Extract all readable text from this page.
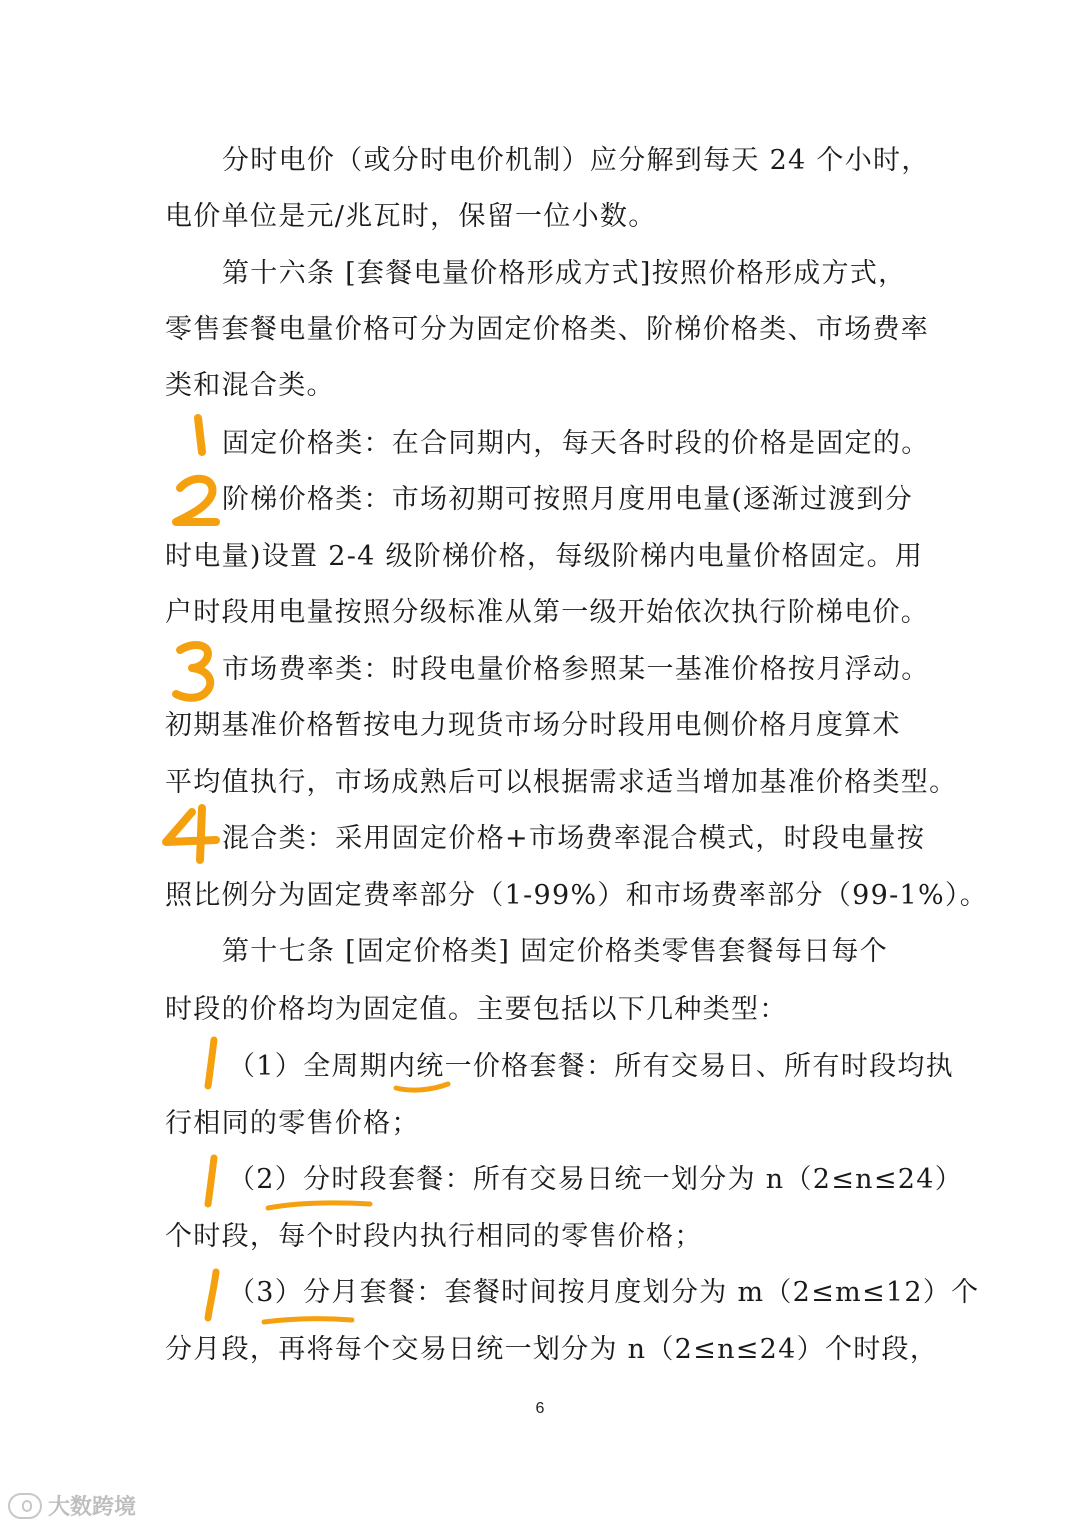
分时电价（或分时电价机制）应分解到每天 24 个小时，
电价单位是元/兆瓦时，保留一位小数。
第十六条 [套餐电量价格形成方式]按照价格形成方式，
零售套餐电量价格可分为固定价格类、阶梯价格类、市场费率
类和混合类。
固定价格类：在合同期内，每天各时段的价格是固定的。
阶梯价格类：市场初期可按照月度用电量(逐渐过渡到分
时电量)设置 2-4 级阶梯价格，每级阶梯内电量价格固定。用
户时段用电量按照分级标准从第一级开始依次执行阶梯电价。
市场费率类：时段电量价格参照某一基准价格按月浮动。
初期基准价格暂按电力现货市场分时段用电侧价格月度算术
平均值执行，市场成熟后可以根据需求适当增加基准价格类型。
混合类：采用固定价格+市场费率混合模式，时段电量按
照比例分为固定费率部分（1-99%）和市场费率部分（99-1%）。
第十七条 [固定价格类] 固定价格类零售套餐每日每个
时段的价格均为固定值。主要包括以下几种类型：
（1）全周期内统一价格套餐：所有交易日、所有时段均执
行相同的零售价格；
（2）分时段套餐：所有交易日统一划分为 n（2≤n≤24）
个时段，每个时段内执行相同的零售价格；
（3）分月套餐：套餐时间按月度划分为 m（2≤m≤12）个
分月段，再将每个交易日统一划分为 n（2≤n≤24）个时段，
6
大数跨境
